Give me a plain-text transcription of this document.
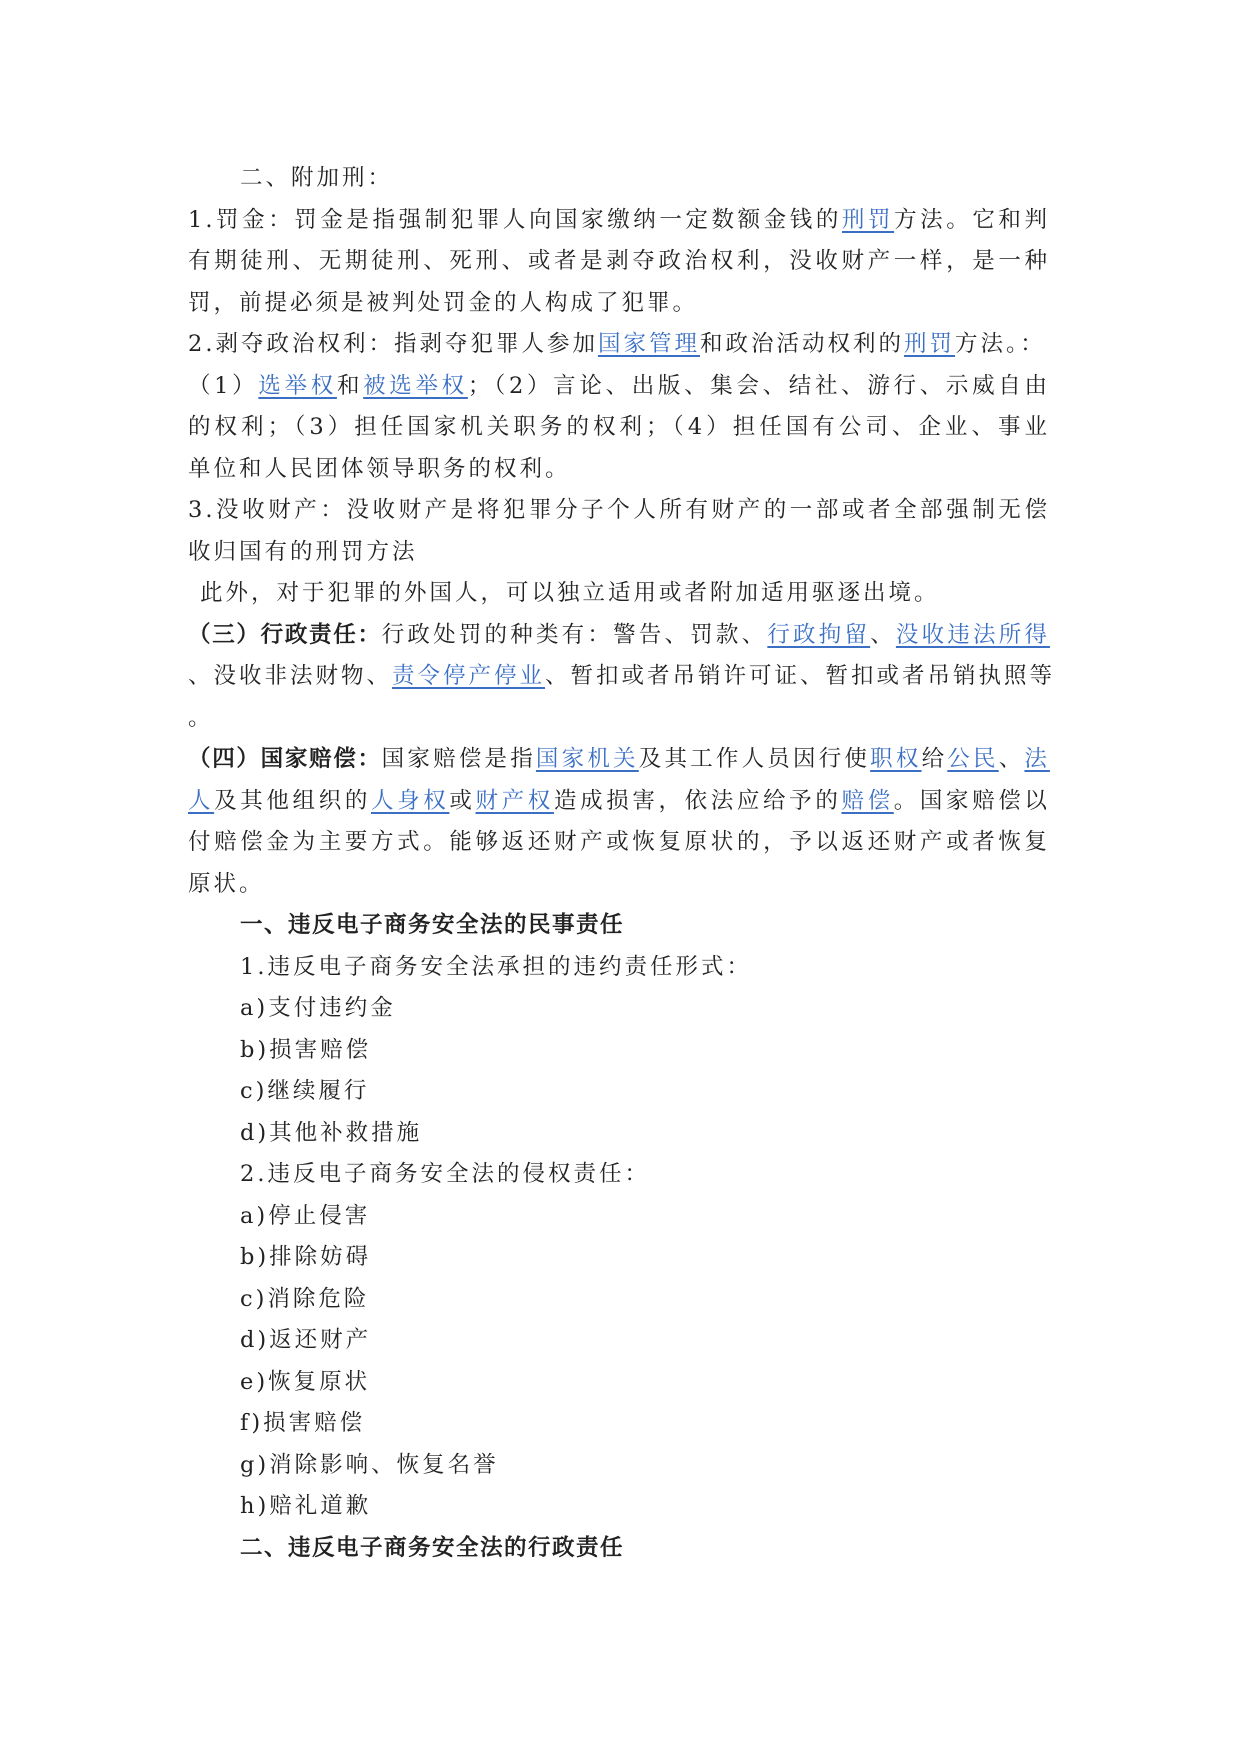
二、附加刑：
1.罚金：罚金是指强制犯罪人向国家缴纳一定数额金钱的刑罚方法。它和判
有期徒刑、无期徒刑、死刑、或者是剥夺政治权利，没收财产一样，是一种
罚，前提必须是被判处罚金的人构成了犯罪。
2.剥夺政治权利：指剥夺犯罪人参加国家管理和政治活动权利的刑罚方法。：
（1）选举权和被选举权；（2）言论、出版、集会、结社、游行、示威自由
的权利；（3）担任国家机关职务的权利；（4）担任国有公司、企业、事业
单位和人民团体领导职务的权利。
3.没收财产：没收财产是将犯罪分子个人所有财产的一部或者全部强制无偿
收归国有的刑罚方法
此外，对于犯罪的外国人，可以独立适用或者附加适用驱逐出境。
（三）行政责任：行政处罚的种类有：警告、罚款、行政拘留、没收违法所得
、没收非法财物、责令停产停业、暂扣或者吊销许可证、暂扣或者吊销执照等
。
（四）国家赔偿：国家赔偿是指国家机关及其工作人员因行使职权给公民、法
人及其他组织的人身权或财产权造成损害，依法应给予的赔偿。国家赔偿以
付赔偿金为主要方式。能够返还财产或恢复原状的，予以返还财产或者恢复
原状。
一、违反电子商务安全法的民事责任
1.违反电子商务安全法承担的违约责任形式：
a)支付违约金
b)损害赔偿
c)继续履行
d)其他补救措施
2.违反电子商务安全法的侵权责任：
a)停止侵害
b)排除妨碍
c)消除危险
d)返还财产
e)恢复原状
f)损害赔偿
g)消除影响、恢复名誉
h)赔礼道歉
二、违反电子商务安全法的行政责任
